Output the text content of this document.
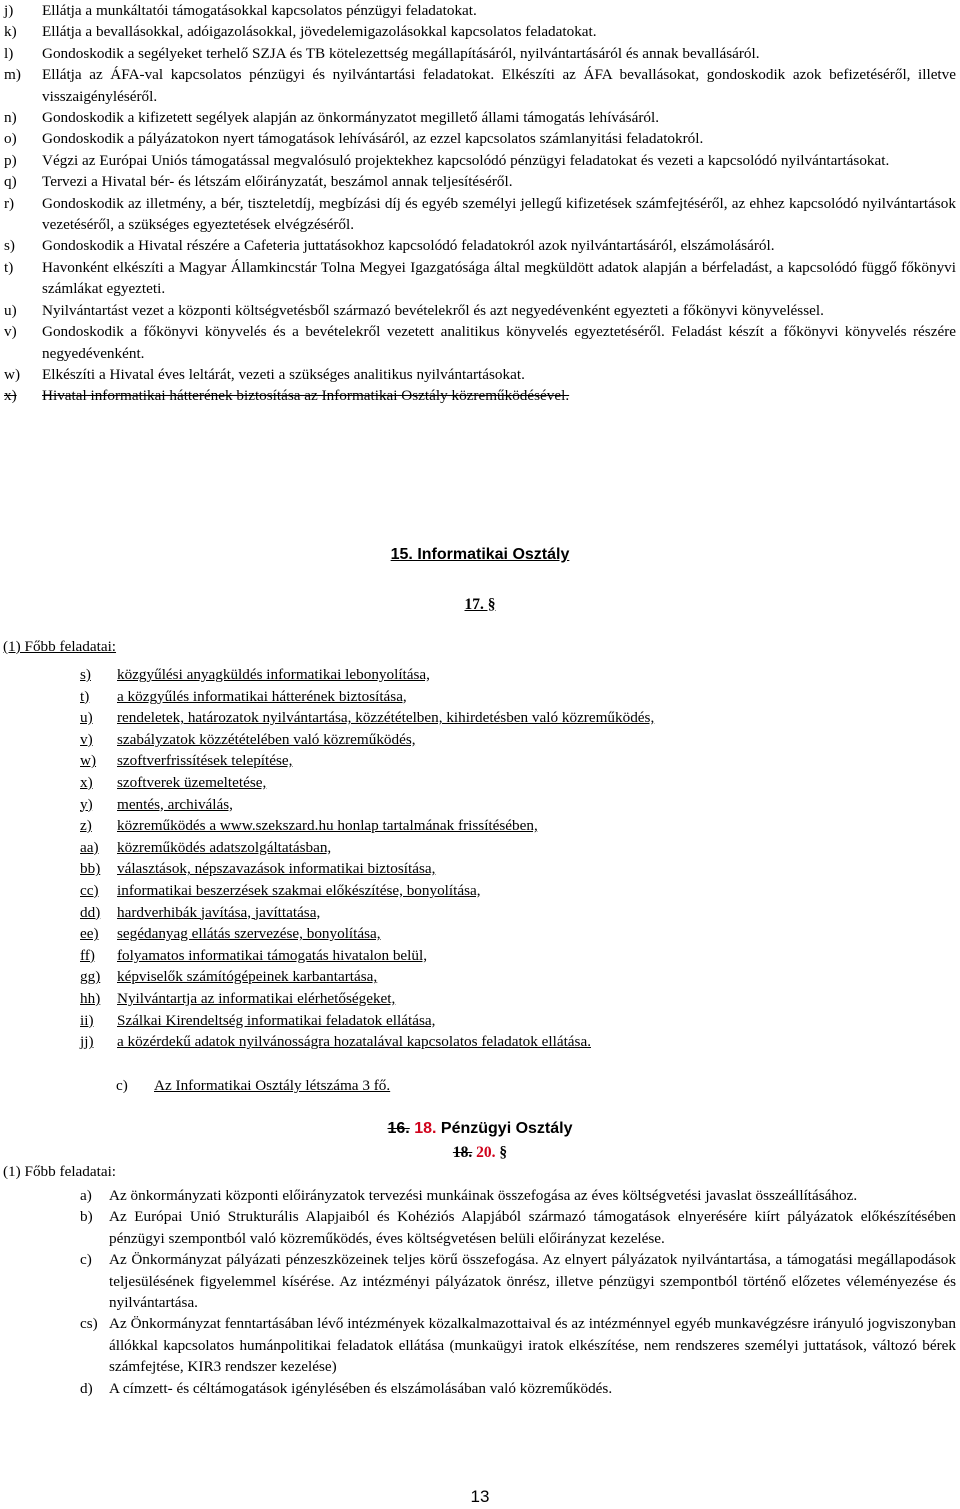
j)	Ellátja a munkáltatói támogatásokkal kapcsolatos pénzügyi feladatokat.
k)	Ellátja a bevallásokkal, adóigazolásokkal, jövedelemigazolásokkal kapcsolatos feladatokat.
l)	Gondoskodik a segélyeket terhelő SZJA és TB kötelezettség megállapításáról, nyilvántartásáról és annak bevallásáról.
m)	Ellátja az ÁFA-val kapcsolatos pénzügyi és nyilvántartási feladatokat. Elkészíti az ÁFA bevallásokat, gondoskodik azok befizetéséről, illetve visszaigényléséről.
n)	Gondoskodik a kifizetett segélyek alapján az önkormányzatot megillető állami támogatás lehívásáról.
o)	Gondoskodik a pályázatokon nyert támogatások lehívásáról, az ezzel kapcsolatos számlanyitási feladatokról.
p)	Végzi az Európai Uniós támogatással megvalósuló projektekhez kapcsolódó pénzügyi feladatokat és vezeti a kapcsolódó nyilvántartásokat.
q)	Tervezi a Hivatal bér- és létszám előirányzatát, beszámol annak teljesítéséről.
r)	Gondoskodik az illetmény, a bér, tiszteletdíj, megbízási díj és egyéb személyi jellegű kifizetések számfejtéséről, az ehhez kapcsolódó nyilvántartások vezetéséről, a szükséges egyeztetések elvégzéséről.
s)	Gondoskodik a Hivatal részére a Cafeteria juttatásokhoz kapcsolódó feladatokról azok nyilvántartásáról, elszámolásáról.
t)	Havonként elkészíti a Magyar Államkincstár Tolna Megyei Igazgatósága által megküldött adatok alapján a bérfeladást, a kapcsolódó függő főkönyvi számlákat egyezteti.
u)	Nyilvántartást vezet a központi költségvetésből származó bevételekről és azt negyedévenként egyezteti a főkönyvi könyveléssel.
v)	Gondoskodik a főkönyvi könyvelés és a bevételekről vezetett analitikus könyvelés egyeztetéséről. Feladást készít a főkönyvi könyvelés részére negyedévenként.
w)	Elkészíti a Hivatal éves leltárát, vezeti a szükséges analitikus nyilvántartásokat.
x)	Hivatal informatikai hátterének biztosítása az Informatikai Osztály közreműködésével.
15. Informatikai Osztály
17. §
(1) Főbb feladatai:
s)	közgyűlési anyagküldés informatikai lebonyolítása,
t)	a közgyűlés informatikai hátterének biztosítása,
u)	rendeletek, határozatok nyilvántartása, közzétételben, kihirdetésben való közreműködés,
v)	szabályzatok közzétételében való közreműködés,
w)	szoftverfrissítések telepítése,
x)	szoftverek üzemeltetése,
y)	mentés, archiválás,
z)	közreműködés a www.szekszard.hu honlap tartalmának frissítésében,
aa)	közreműködés adatszolgáltatásban,
bb)	választások, népszavazások informatikai biztosítása,
cc)	informatikai beszerzések szakmai előkészítése, bonyolítása,
dd)	hardverhibák javítása, javíttatása,
ee)	segédanyag ellátás szervezése, bonyolítása,
ff)	folyamatos informatikai támogatás hivatalon belül,
gg)	képviselők számítógépeinek karbantartása,
hh)	Nyilvántartja az informatikai elérhetőségeket,
ii)	Szálkai Kirendeltség informatikai feladatok ellátása,
jj)	a közérdekű adatok nyilvánosságra hozatalával kapcsolatos feladatok ellátása.
c) Az Informatikai Osztály létszáma 3 fő.
16. 18. Pénzügyi Osztály
18. 20. §
(1) Főbb feladatai:
a)	Az önkormányzati központi előirányzatok tervezési munkáinak összefogása az éves költségvetési javaslat összeállításához.
b)	Az Európai Unió Strukturális Alapjaiból és Kohéziós Alapjából származó támogatások elnyerésére kiírt pályázatok előkészítésében pénzügyi szempontból való közreműködés, éves költségvetésen belüli előirányzat kezelése.
c)	Az Önkormányzat pályázati pénzeszközeinek teljes körű összefogása. Az elnyert pályázatok nyilvántartása, a támogatási megállapodások teljesülésének figyelemmel kísérése. Az intézményi pályázatok önrész, illetve pénzügyi szempontból történő előzetes véleményezése és nyilvántartása.
cs) Az Önkormányzat fenntartásában lévő intézmények közalkalmazottaival és az intézménnyel egyéb munkavégzésre irányuló jogviszonyban állókkal kapcsolatos humánpolitikai feladatok ellátása (munkaügyi iratok elkészítése, nem rendszeres személyi juttatások, változó bérek számfejtése, KIR3 rendszer kezelése)
d)	A címzett- és céltámogatások igénylésében és elszámolásában való közreműködés.
13
